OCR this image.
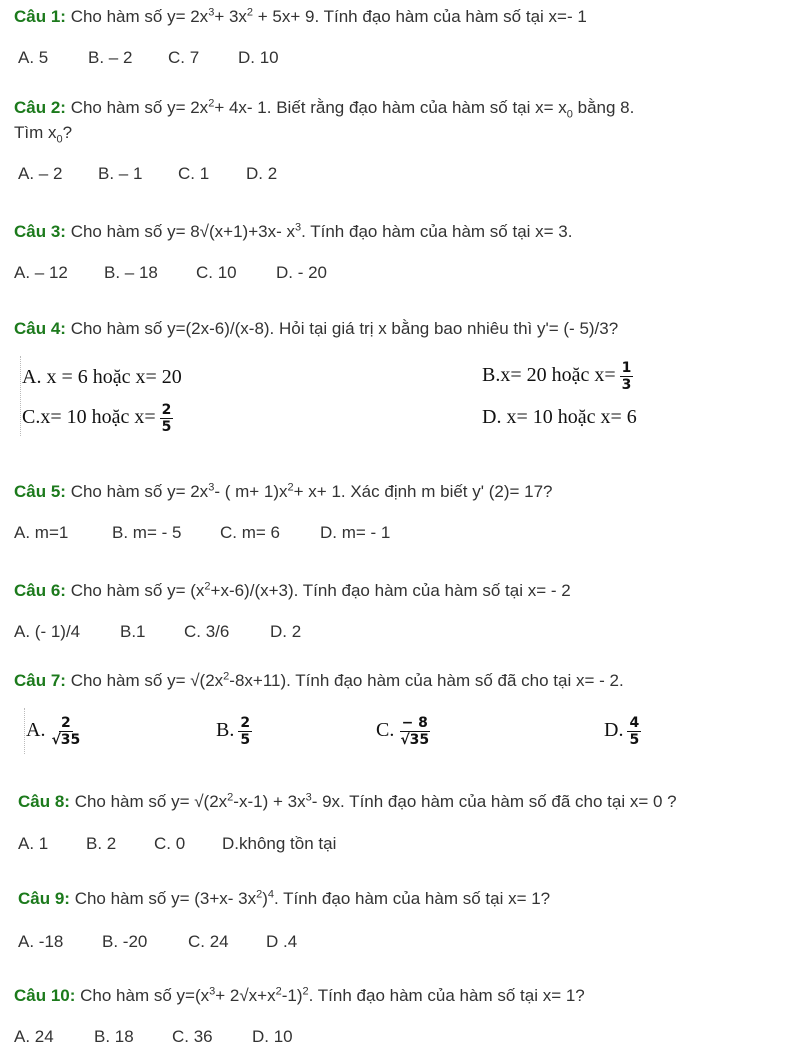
Câu 1: Cho hàm số $y= 2x^3+ 3x^2 + 5x+ 9$. Tính đạo hàm của hàm số tại x=- 1
A. 5 B. – 2 C. 7 D. 10
Câu 2: Cho hàm số $y= 2x^2+ 4x-$ 1. Biết rằng đạo hàm của hàm số tại $x= x_0$ bằng 8.
Tìm $x_0$?
A. – 2 B. – 1 C. 1 D. 2
Câu 3: Cho hàm số y= 8√(x+1)+3x- $x^3$. Tính đạo hàm của hàm số tại x= 3.
A. – 12 B. – 18 C. 10 D. - 20
Câu 4: Cho hàm số y=(2x-6)/(x-8). Hỏi tại giá trị x bằng bao nhiêu thì y'= (- 5)/3?
A. x = 6 hoặc x= 20	B.x= 20 hoặc $x= \frac{1}{3}$
C.x= 10 hoặc $x= \frac{2}{5}$	D. x= 10 hoặc x= 6
Câu 5: Cho hàm số $y= 2x^3-$ ( $m+ 1)x^2+ x+ 1$. Xác định m biết y' (2)= 17?
A. m=1	B. m= - 5 C. m= 6 D. m= - 1
Câu 6: Cho hàm số $y= (x^2+x-6)/(x+3)$. Tính đạo hàm của hàm số tại x= - 2
A. (- 1)/4 B.1 C. 3/6 D. 2
Câu 7: Cho hàm số $y= √(2x^2-8x+11)$. Tính đạo hàm của hàm số đã cho tại x= - 2.
A. $\frac{2}{√35}$	B. $\frac{2}{5}$	C. $\frac{- 8}{√35}$	D. $\frac{4}{5}$
Câu 8: Cho hàm số $y= √(2x^2-x-1) + 3x^3-$ 9x. Tính đạo hàm của hàm số đã cho tại x= 0 ?
A. 1 B. 2 C. 0 D.không tồn tại
Câu 9: Cho hàm số y= (3+x- $3x^2)^4$. Tính đạo hàm của hàm số tại x= 1?
A. -18 B. -20 C. 24 D .4
Câu 10: Cho hàm số $y=(x^3+ 2√x+x^2-1)^2$. Tính đạo hàm của hàm số tại x= 1?
A. 24 B. 18 C. 36 D. 10
